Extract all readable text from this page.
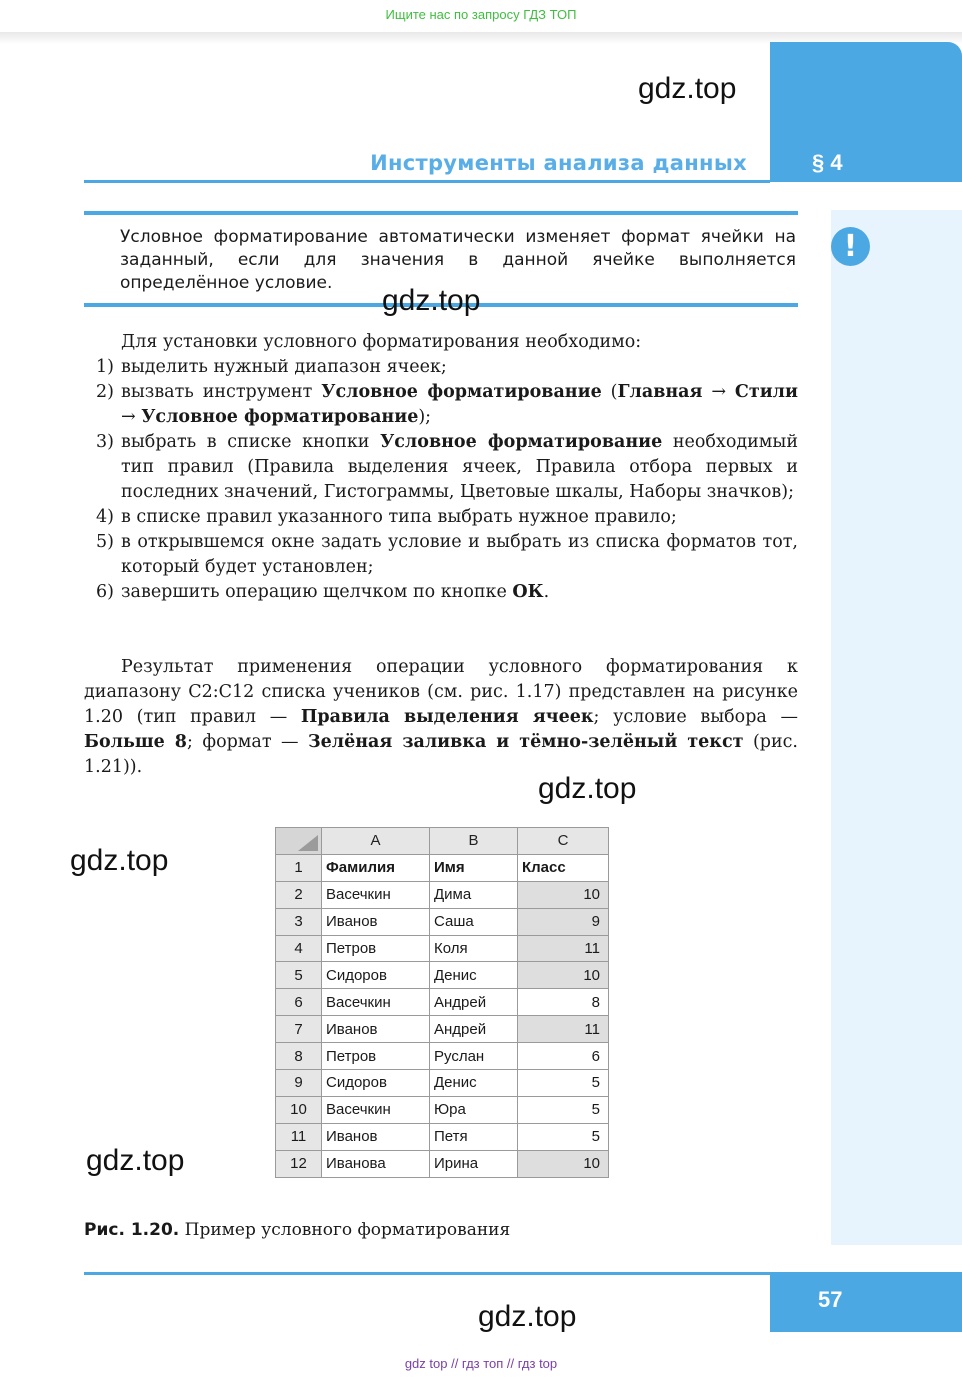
Ищите нас по запросу ГДЗ ТОП
§ 4
Инструменты анализа данных
gdz.top
!
Условное форматирование автоматически изменяет формат ячейки на заданный, если для значения в данной ячейке выполняется определённое условие.
gdz.top

Для установки условного форматирования необходимо:

1) выделить нужный диапазон ячеек;

2) вызвать инструмент Условное форматирование (Главная → Стили → Условное форматирование);

3) выбрать в списке кнопки Условное форматирование необходимый тип правил (Правила выделения ячеек, Правила отбора первых и последних значений, Гистограммы, Цветовые шкалы, Наборы значков);

4) в списке правил указанного типа выбрать нужное правило;

5) в открывшемся окне задать условие и выбрать из списка форматов тот, который будет установлен;

6) завершить операцию щелчком по кнопке ОК.

Результат применения операции условного форматирования к диапазону С2:С12 списка учеников (см. рис. 1.17) представлен на рисунке 1.20 (тип правил — Правила выделения ячеек; условие выбора — Больше 8; формат — Зелёная заливка и тёмно-зелёный текст (рис. 1.21)).
gdz.top
gdz.top
	A	B	C
1	Фамилия	Имя	Класс
2	Васечкин	Дима	10
3	Иванов	Саша	9
4	Петров	Коля	11
5	Сидоров	Денис	10
6	Васечкин	Андрей	8
7	Иванов	Андрей	11
8	Петров	Руслан	6
9	Сидоров	Денис	5
10	Васечкин	Юра	5
11	Иванов	Петя	5
12	Иванова	Ирина	10
gdz.top
Рис. 1.20. Пример условного форматирования
57
gdz.top
gdz top // гдз топ // гдз top
